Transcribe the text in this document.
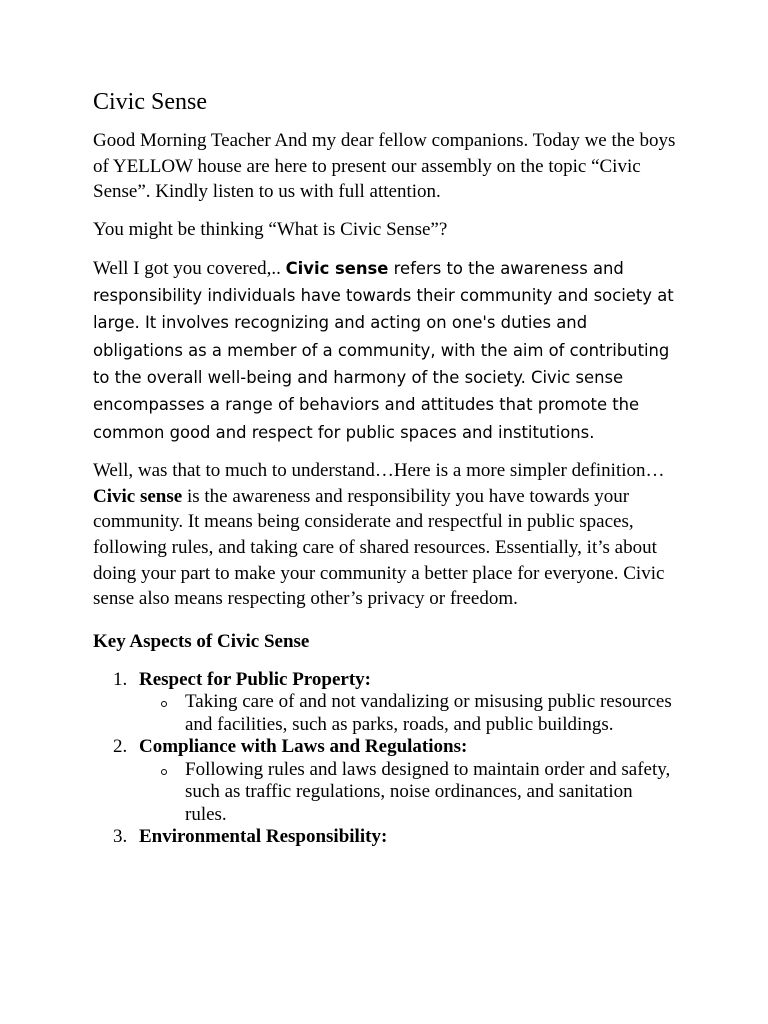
Civic Sense

Good Morning Teacher And my dear fellow companions. Today we the boys of YELLOW house are here to present our assembly on the topic “Civic Sense”. Kindly listen to us with full attention.

You might be thinking “What is Civic Sense”?

Well I got you covered,.. Civic sense refers to the awareness and responsibility individuals have towards their community and society at large. It involves recognizing and acting on one's duties and obligations as a member of a community, with the aim of contributing to the overall well-being and harmony of the society. Civic sense encompasses a range of behaviors and attitudes that promote the common good and respect for public spaces and institutions.

Well, was that to much to understand…Here is a more simpler definition…Civic sense is the awareness and responsibility you have towards your community. It means being considerate and respectful in public spaces, following rules, and taking care of shared resources. Essentially, it’s about doing your part to make your community a better place for everyone. Civic sense also means respecting other’s privacy or freedom.

Key Aspects of Civic Sense

1. Respect for Public Property:
Taking care of and not vandalizing or misusing public resources and facilities, such as parks, roads, and public buildings.
2. Compliance with Laws and Regulations:
Following rules and laws designed to maintain order and safety, such as traffic regulations, noise ordinances, and sanitation rules.
3. Environmental Responsibility:
